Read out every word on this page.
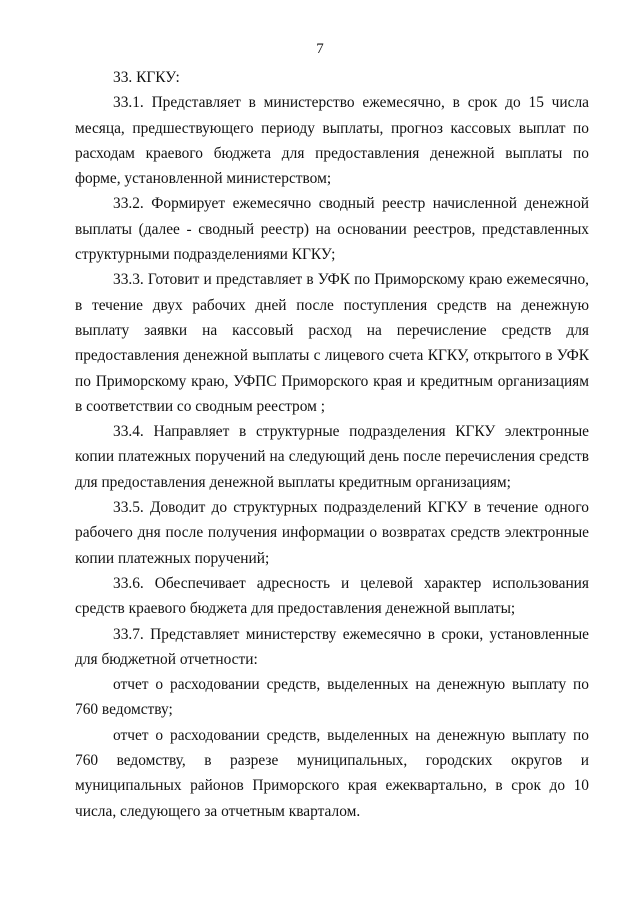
7

33. КГКУ:

33.1. Представляет в министерство ежемесячно, в срок до 15 числа месяца, предшествующего периоду выплаты, прогноз кассовых выплат по расходам краевого бюджета для предоставления денежной выплаты по форме, установленной министерством;

33.2. Формирует ежемесячно сводный реестр начисленной денежной выплаты (далее - сводный реестр) на основании реестров, представленных структурными подразделениями КГКУ;

33.3. Готовит и представляет в УФК по Приморскому краю ежемесячно, в течение двух рабочих дней после поступления средств на денежную выплату заявки на кассовый расход на перечисление средств для предоставления денежной выплаты с лицевого счета КГКУ, открытого в УФК по Приморскому краю, УФПС Приморского края и кредитным организациям в соответствии со сводным реестром ;

33.4. Направляет в структурные подразделения КГКУ электронные копии платежных поручений на следующий день после перечисления средств для предоставления денежной выплаты кредитным организациям;

33.5. Доводит до структурных подразделений КГКУ в течение одного рабочего дня после получения информации о возвратах средств электронные копии платежных поручений;

33.6. Обеспечивает адресность и целевой характер использования средств краевого бюджета для предоставления денежной выплаты;

33.7. Представляет министерству ежемесячно в сроки, установленные для бюджетной отчетности:

отчет о расходовании средств, выделенных на денежную выплату по 760 ведомству;

отчет о расходовании средств, выделенных на денежную выплату по 760 ведомству, в разрезе муниципальных, городских округов и муниципальных районов Приморского края ежеквартально, в срок до 10 числа, следующего за отчетным кварталом.
